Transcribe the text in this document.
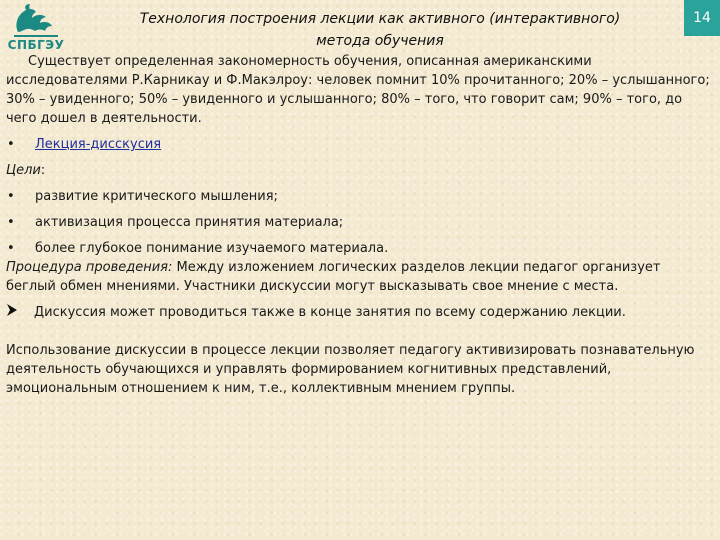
СПБГЭУ
14
Технология построения лекции как активного (интерактивного)
метода обучения

Существует определенная закономерность обучения, описанная американскими исследователями Р.Карникау и Ф.Макэлроу: человек помнит 10% прочитанного; 20% – услышанного; 30% – увиденного; 50% – увиденного и услышанного; 80% – того, что говорит сам; 90% – того, до чего дошел в деятельности.

•	Лекция-дисскусия
Цели:
•	развитие критического мышления;
•	активизация процесса принятия материала;
•	более глубокое понимание изучаемого материала.

Процедура проведения: Между изложением логических разделов лекции педагог организует беглый обмен мнениями. Участники дискуссии могут высказывать свое мнение с места.

Дискуссия может проводиться также в конце занятия по всему содержанию лекции.

Использование дискуссии в процессе лекции позволяет педагогу активизировать познавательную деятельность обучающихся и управлять формированием когнитивных представлений, эмоциональным отношением к ним, т.е., коллективным мнением группы.
